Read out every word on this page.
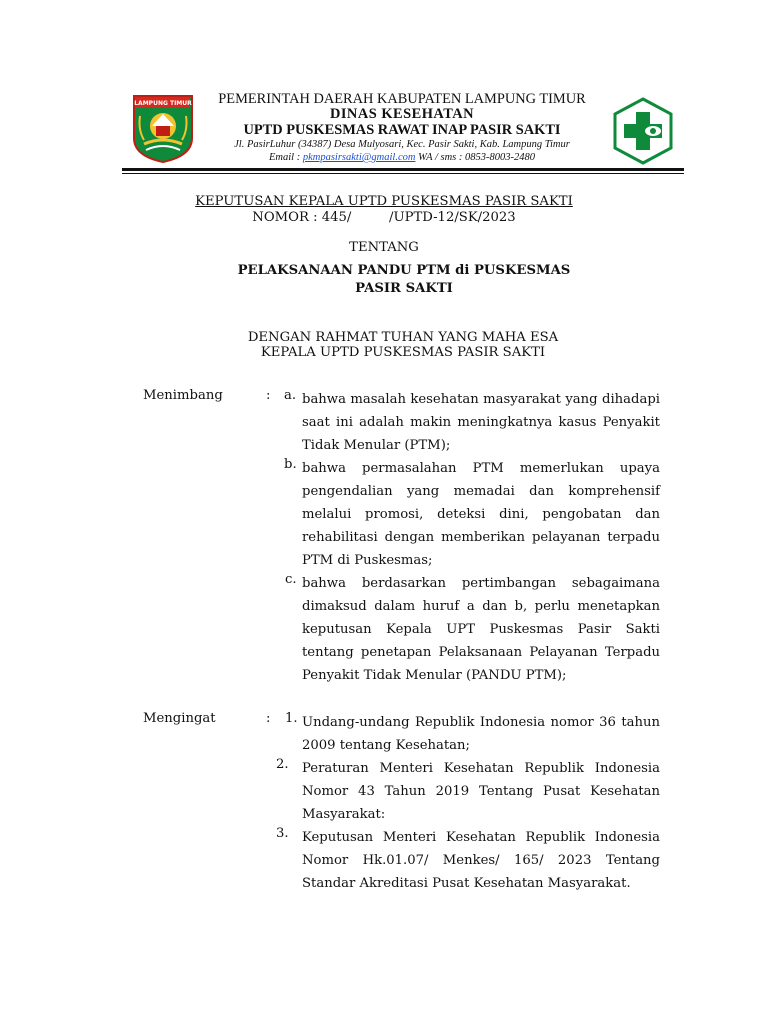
LAMPUNG TIMUR	PEMERINTAH DAERAH KABUPATEN LAMPUNG TIMUR
DINAS KESEHATAN
UPTD PUSKESMAS RAWAT INAP PASIR SAKTI
Jl. PasirLuhur (34387) Desa Mulyosari, Kec. Pasir Sakti, Kab. Lampung Timur
Email : pkmpasirsakti@gmail.com WA / sms : 0853-8003-2480
KEPUTUSAN KEPALA UPTD PUSKESMAS PASIR SAKTI
NOMOR : 445/         /UPTD-12/SK/2023
TENTANG
PELAKSANAAN PANDU PTM di PUSKESMAS
PASIR SAKTI
DENGAN RAHMAT TUHAN YANG MAHA ESA
KEPALA UPTD PUSKESMAS PASIR SAKTI
Menimbang	: a. bahwa masalah kesehatan masyarakat yang dihadapi saat ini adalah makin meningkatnya kasus Penyakit Tidak Menular (PTM);
b. bahwa permasalahan PTM memerlukan upaya pengendalian yang memadai dan komprehensif melalui promosi, deteksi dini, pengobatan dan rehabilitasi dengan memberikan pelayanan terpadu PTM di Puskesmas;
c. bahwa berdasarkan pertimbangan sebagaimana dimaksud dalam huruf a dan b, perlu menetapkan keputusan Kepala UPT Puskesmas Pasir Sakti tentang penetapan Pelaksanaan Pelayanan Terpadu Penyakit Tidak Menular (PANDU PTM);
Mengingat	: 1. Undang-undang Republik Indonesia nomor 36 tahun 2009 tentang Kesehatan;
2. Peraturan Menteri Kesehatan Republik Indonesia Nomor 43 Tahun 2019 Tentang Pusat Kesehatan Masyarakat:
3. Keputusan Menteri Kesehatan Republik Indonesia Nomor Hk.01.07/ Menkes/ 165/ 2023 Tentang Standar Akreditasi Pusat Kesehatan Masyarakat.
